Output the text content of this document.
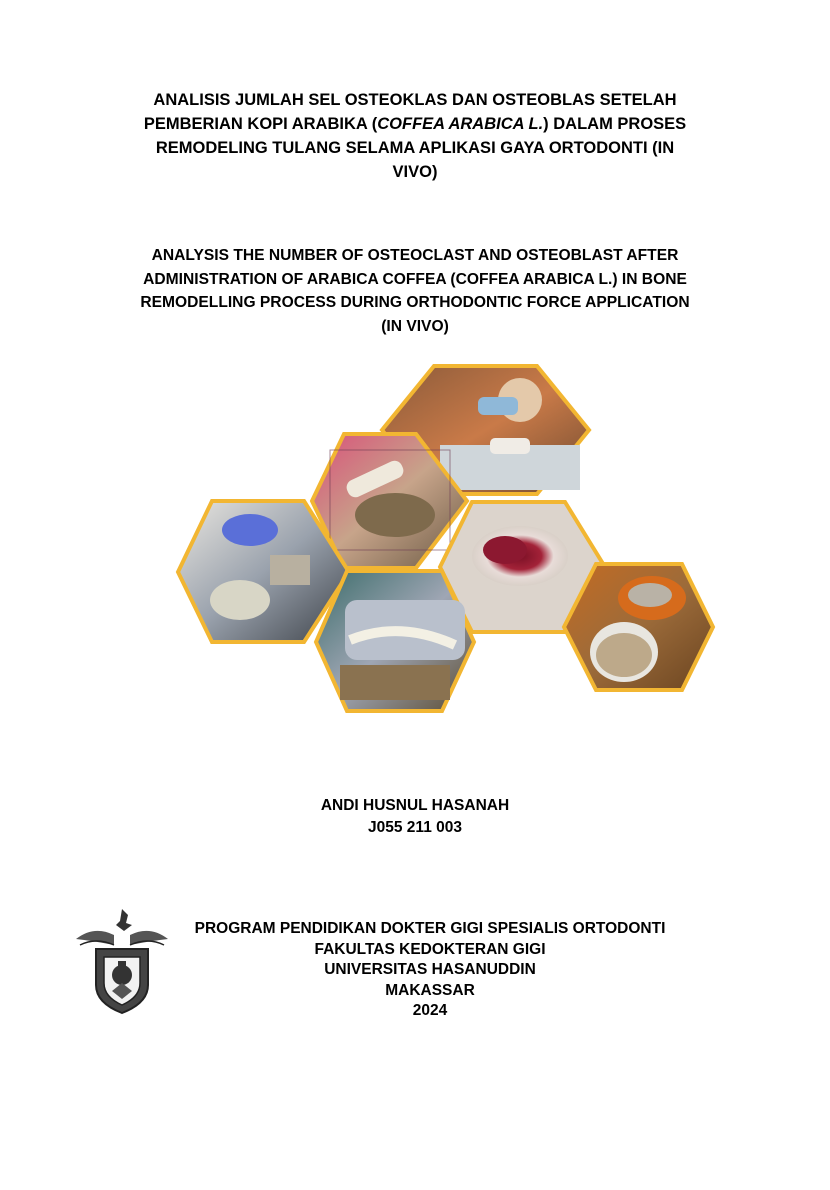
ANALISIS JUMLAH SEL OSTEOKLAS DAN OSTEOBLAS SETELAH
PEMBERIAN KOPI ARABIKA (COFFEA ARABICA L.) DALAM PROSES
REMODELING TULANG SELAMA APLIKASI GAYA ORTODONTI (IN
VIVO)
ANALYSIS THE NUMBER OF OSTEOCLAST AND OSTEOBLAST AFTER
ADMINISTRATION OF ARABICA COFFEA (COFFEA ARABICA L.) IN BONE
REMODELLING PROCESS DURING ORTHODONTIC FORCE APPLICATION
(IN VIVO)
ANDI HUSNUL HASANAH
J055 211 003
PROGRAM PENDIDIKAN DOKTER GIGI SPESIALIS ORTODONTI
FAKULTAS KEDOKTERAN GIGI
UNIVERSITAS HASANUDDIN
MAKASSAR
2024
